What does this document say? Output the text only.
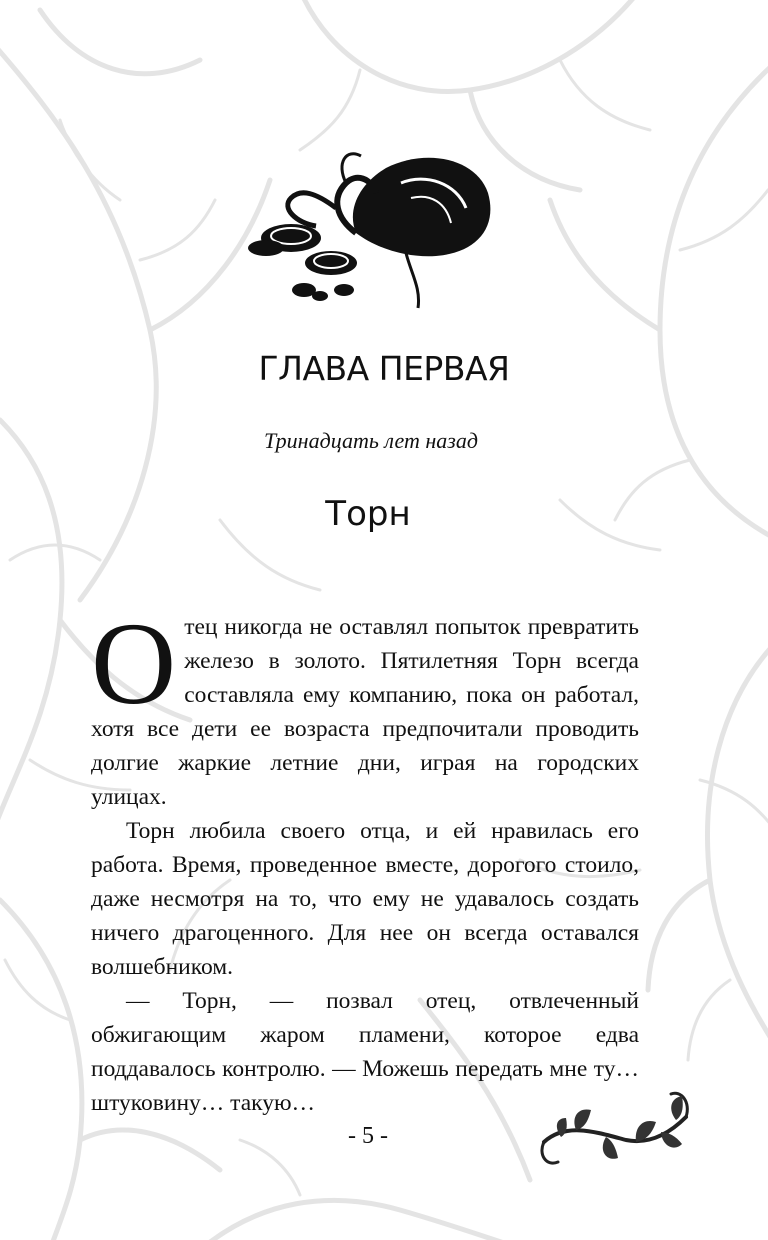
ГЛАВА ПЕРВАЯ
Тринадцать лет назад
Торн

Отец никогда не оставлял попыток превратить железо в золото. Пятилетняя Торн всегда составляла ему компанию, пока он работал, хотя все дети ее возраста предпочитали проводить долгие жаркие летние дни, играя на городских улицах.

Торн любила своего отца, и ей нравилась его работа. Время, проведенное вместе, дорогого стоило, даже несмотря на то, что ему не удавалось создать ничего драгоценного. Для нее он всегда оставался волшебником.

— Торн, — позвал отец, отвлеченный обжигающим жаром пламени, которое едва поддавалось контролю. — Можешь передать мне ту… штуковину… такую…

- 5 -
